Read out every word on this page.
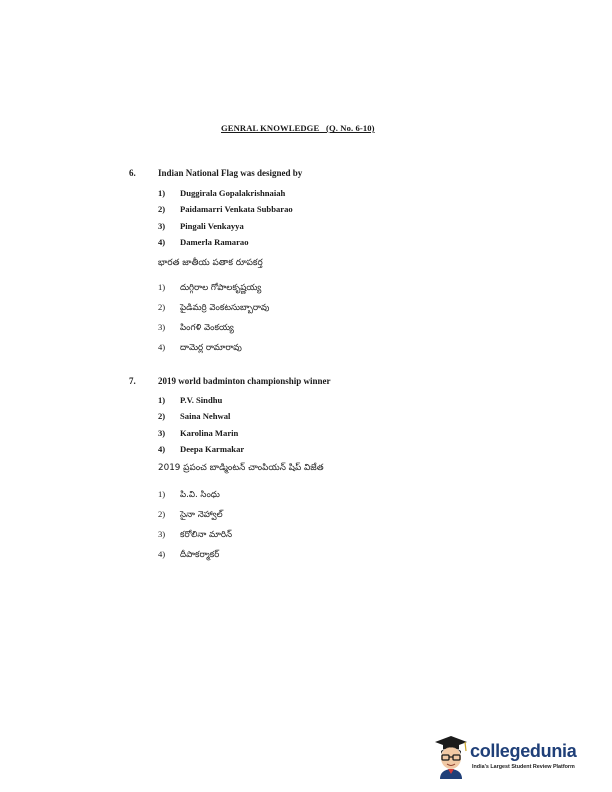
GENRAL KNOWLEDGE   (Q. No. 6-10)
6. Indian National Flag was designed by
1) Duggirala Gopalakrishnaiah
2) Paidamarri Venkata Subbarao
3) Pingali Venkayya
4) Damerla Ramarao
భారత జాతీయ పతాక రూపకర్త
1) దుగ్గిరాల గోపాలకృష్ణయ్య
2) పైడిమర్రి వెంకటసుబ్బారావు
3) పింగళి వెంకయ్య
4) దామెర్ల రామారావు
7. 2019 world badminton championship winner
1) P.V. Sindhu
2) Saina Nehwal
3) Karolina Marin
4) Deepa Karmakar
2019 ప్రపంచ బాడ్మింటన్ చాంపియన్ షిప్ విజేత
1) పి.వి. సింధు
2) సైనా నెహ్వాల్
3) కరోలినా మారిన్
4) దీపాకర్మాకర్
collegedunia
India's Largest Student Review Platform
